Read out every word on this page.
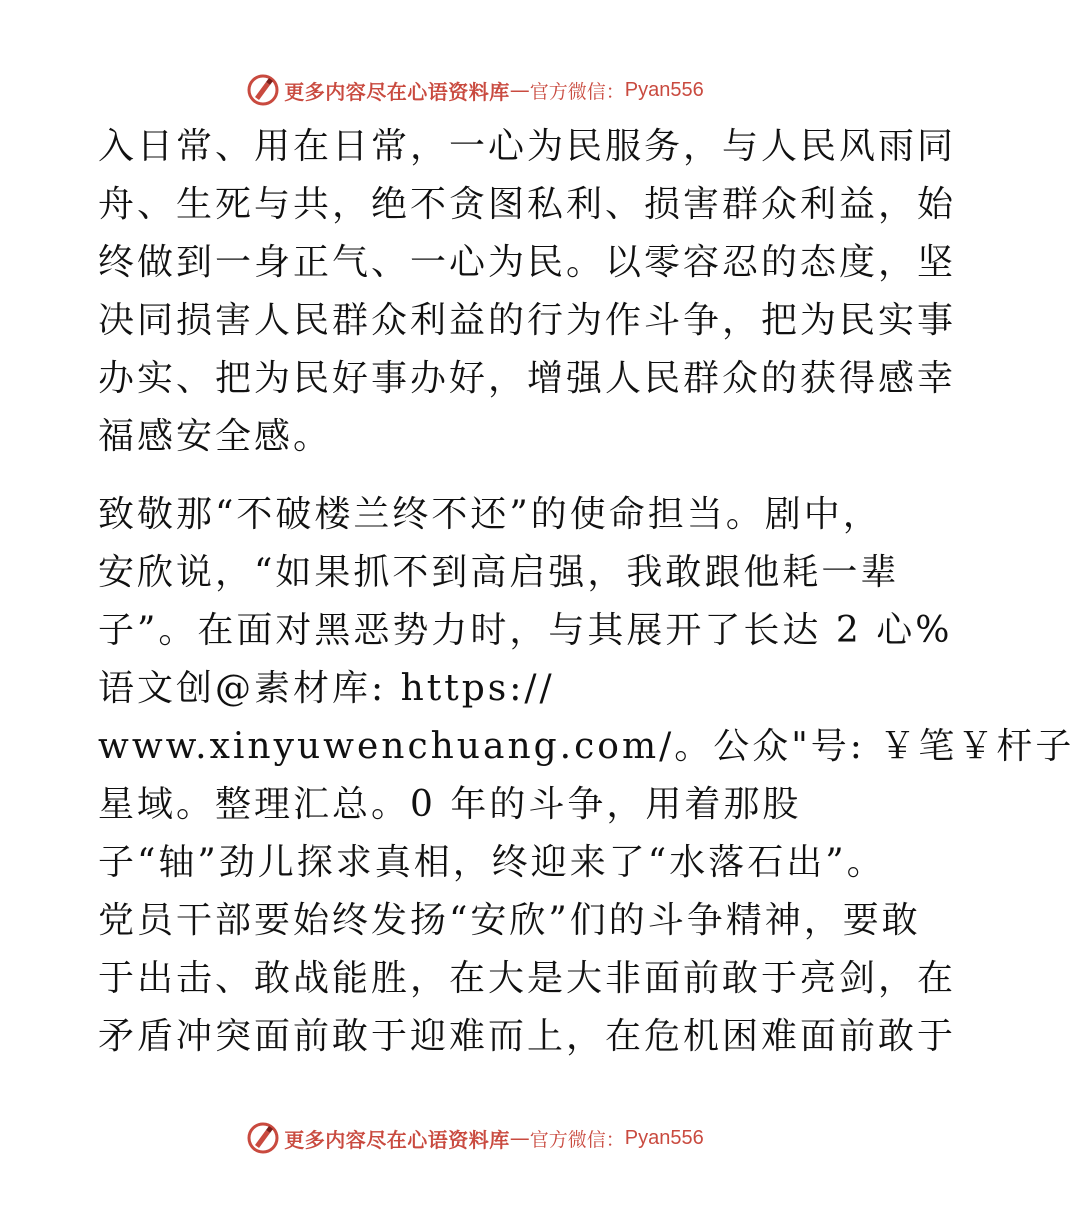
更多内容尽在心语资料库 — 官方微信： Pyan556
入日常、用在日常，一心为民服务，与人民风雨同
舟、生死与共，绝不贪图私利、损害群众利益，始
终做到一身正气、一心为民。以零容忍的态度，坚
决同损害人民群众利益的行为作斗争，把为民实事
办实、把为民好事办好，增强人民群众的获得感幸
福感安全感。
致敬那“不破楼兰终不还”的使命担当。剧中，
安欣说，“如果抓不到高启强，我敢跟他耗一辈
子”。在面对黑恶势力时，与其展开了长达 2 心%
语文创@素材库: https://
www.xinyuwenchuang.com/。公众"号: ￥笔￥杆子
星域。整理汇总。0 年的斗争，用着那股
子“轴”劲儿探求真相，终迎来了“水落石出”。
党员干部要始终发扬“安欣”们的斗争精神，要敢
于出击、敢战能胜，在大是大非面前敢于亮剑，在
矛盾冲突面前敢于迎难而上，在危机困难面前敢于
更多内容尽在心语资料库 — 官方微信： Pyan556
